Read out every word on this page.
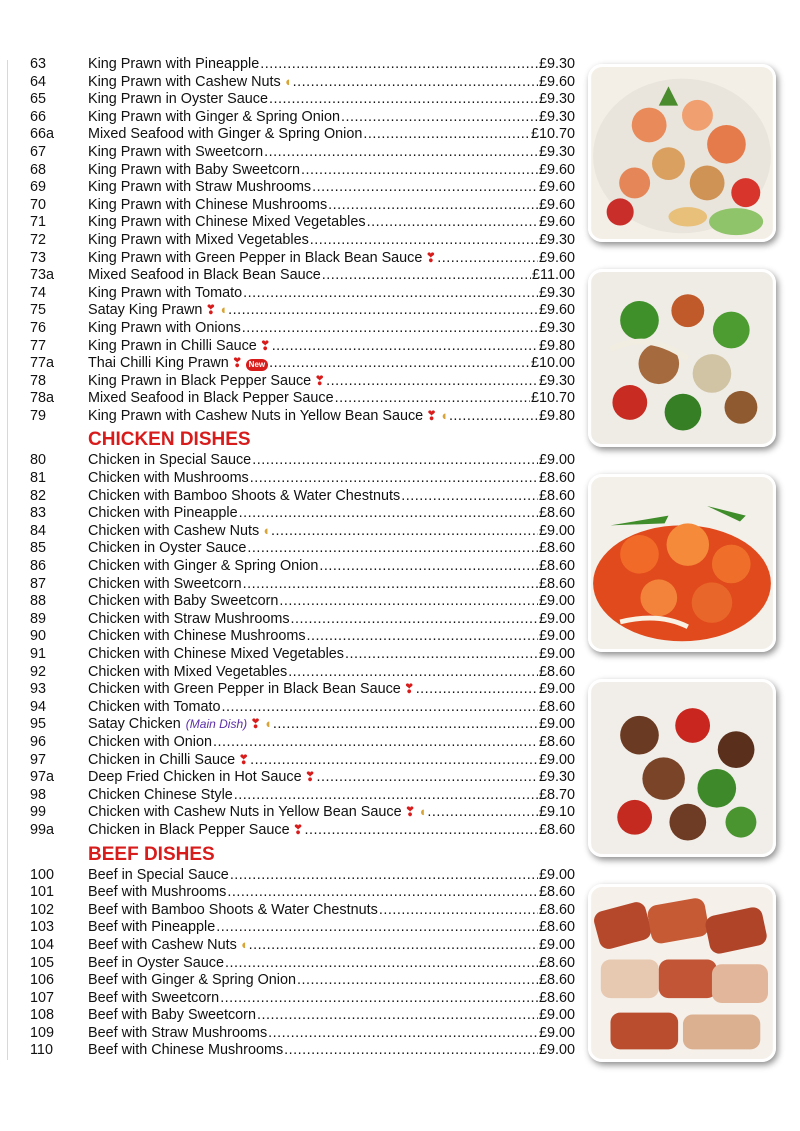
63	King Prawn with Pineapple .....	£9.30
64	King Prawn with Cashew Nuts ◖ .....	£9.60
65	King Prawn in Oyster Sauce .....	£9.30
66	King Prawn with Ginger & Spring Onion .....	£9.30
66a	Mixed Seafood with Ginger & Spring Onion .....	£10.70
67	King Prawn with Sweetcorn .....	£9.30
68	King Prawn with Baby Sweetcorn .....	£9.60
69	King Prawn with Straw Mushrooms .....	£9.60
70	King Prawn with Chinese Mushrooms .....	£9.60
71	King Prawn with Chinese Mixed Vegetables .....	£9.60
72	King Prawn with Mixed Vegetables .....	£9.30
73	King Prawn with Green Pepper in Black Bean Sauce ❣ .....	£9.60
73a	Mixed Seafood in Black Bean Sauce .....	£11.00
74	King Prawn with Tomato .....	£9.30
75	Satay King Prawn ❣ ◖ .....	£9.60
76	King Prawn with Onions .....	£9.30
77	King Prawn in Chilli Sauce ❣ .....	£9.80
77a	Thai Chilli King Prawn ❣ New .....	£10.00
78	King Prawn in Black Pepper Sauce ❣ .....	£9.30
78a	Mixed Seafood in Black Pepper Sauce .....	£10.70
79	King Prawn with Cashew Nuts in Yellow Bean Sauce ❣ ◖ .....	£9.80
CHICKEN DISHES
80	Chicken in Special Sauce .....	£9.00
81	Chicken with Mushrooms .....	£8.60
82	Chicken with Bamboo Shoots & Water Chestnuts .....	£8.60
83	Chicken with Pineapple .....	£8.60
84	Chicken with Cashew Nuts ◖ .....	£9.00
85	Chicken in Oyster Sauce .....	£8.60
86	Chicken with Ginger & Spring Onion .....	£8.60
87	Chicken with Sweetcorn .....	£8.60
88	Chicken with Baby Sweetcorn .....	£9.00
89	Chicken with Straw Mushrooms .....	£9.00
90	Chicken with Chinese Mushrooms .....	£9.00
91	Chicken with Chinese Mixed Vegetables .....	£9.00
92	Chicken with Mixed Vegetables .....	£8.60
93	Chicken with Green Pepper in Black Bean Sauce ❣ .....	£9.00
94	Chicken with Tomato .....	£8.60
95	Satay Chicken (Main Dish) ❣ ◖ .....	£9.00
96	Chicken with Onion .....	£8.60
97	Chicken in Chilli Sauce ❣ .....	£9.00
97a	Deep Fried Chicken in Hot Sauce ❣ .....	£9.30
98	Chicken Chinese Style .....	£8.70
99	Chicken with Cashew Nuts in Yellow Bean Sauce ❣ ◖ .....	£9.10
99a	Chicken in Black Pepper Sauce ❣ .....	£8.60
BEEF DISHES
100	Beef in Special Sauce .....	£9.00
101	Beef with Mushrooms .....	£8.60
102	Beef with Bamboo Shoots & Water Chestnuts .....	£8.60
103	Beef with Pineapple .....	£8.60
104	Beef with Cashew Nuts ◖ .....	£9.00
105	Beef in Oyster Sauce .....	£8.60
106	Beef with Ginger & Spring Onion .....	£8.60
107	Beef with Sweetcorn .....	£8.60
108	Beef with Baby Sweetcorn .....	£9.00
109	Beef with Straw Mushrooms .....	£9.00
110	Beef with Chinese Mushrooms .....	£9.00
